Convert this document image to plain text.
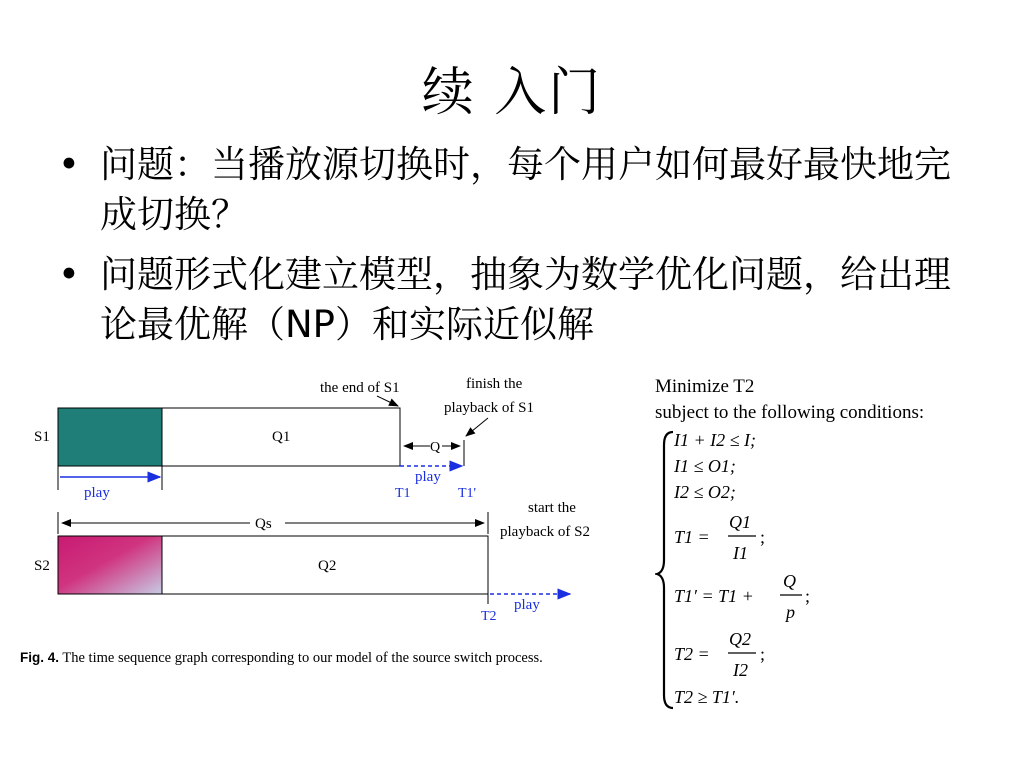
续 入门
• 问题：当播放源切换时，每个用户如何最好最快地完成切换？
• 问题形式化建立模型，抽象为数学优化问题，给出理论最优解（NP）和实际近似解
S1	Q1
Q
play
T1	T1'
play
the end of S1	finish the
playback of S1
Qs
start the
playback of S2
S2	Q2
play
T2
Fig. 4. The time sequence graph corresponding to our model of the source switch process.
Minimize T2
subject to the following conditions:
I1 + I2 ≤ I;
I1 ≤ O1;
I2 ≤ O2;
T1 =
Q1
I1
;
T1′ = T1 +
Q
p
;
T2 =
Q2
I2
;
T2 ≥ T1′.
